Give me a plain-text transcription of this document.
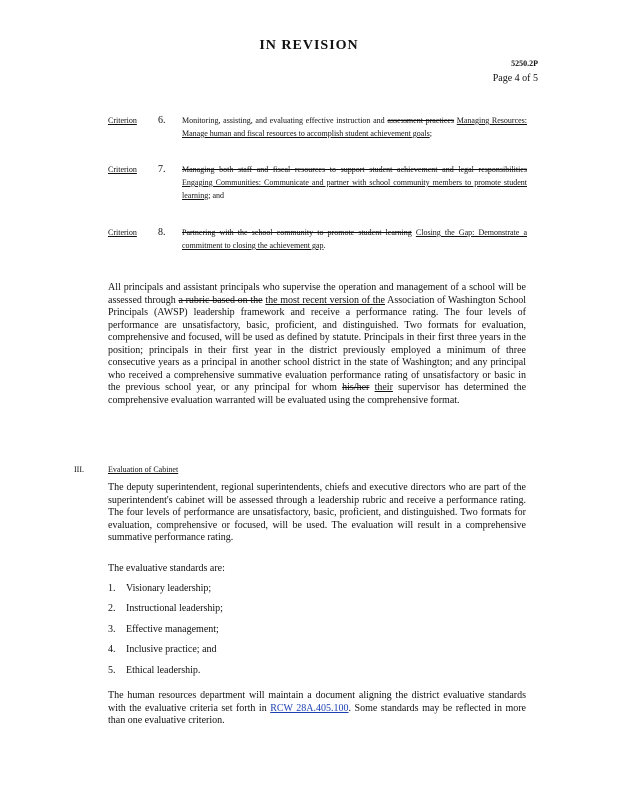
IN REVISION
5250.2P
Page 4 of 5
Criterion 6. Monitoring, assisting, and evaluating effective instruction and assessment practices Managing Resources: Manage human and fiscal resources to accomplish student achievement goals;
Criterion 7. Managing both staff and fiscal resources to support student achievement and legal responsibilities Engaging Communities: Communicate and partner with school community members to promote student learning; and
Criterion 8. Partnering with the school community to promote student learning Closing the Gap: Demonstrate a commitment to closing the achievement gap.
All principals and assistant principals who supervise the operation and management of a school will be assessed through a rubric based on the the most recent version of the Association of Washington School Principals (AWSP) leadership framework and receive a performance rating. The four levels of performance are unsatisfactory, basic, proficient, and distinguished. Two formats for evaluation, comprehensive and focused, will be used as defined by statute. Principals in their first three years in the position; principals in their first year in the district previously employed a minimum of three consecutive years as a principal in another school district in the state of Washington; and any principal who received a comprehensive summative evaluation performance rating of unsatisfactory or basic in the previous school year, or any principal for whom his/her their supervisor has determined the comprehensive evaluation warranted will be evaluated using the comprehensive format.
III.	Evaluation of Cabinet
The deputy superintendent, regional superintendents, chiefs and executive directors who are part of the superintendent's cabinet will be assessed through a leadership rubric and receive a performance rating. The four levels of performance are unsatisfactory, basic, proficient, and distinguished. Two formats for evaluation, comprehensive or focused, will be used. The evaluation will result in a comprehensive summative performance rating.
The evaluative standards are:
1. Visionary leadership;
2. Instructional leadership;
3. Effective management;
4. Inclusive practice; and
5. Ethical leadership.
The human resources department will maintain a document aligning the district evaluative standards with the evaluative criteria set forth in RCW 28A.405.100. Some standards may be reflected in more than one evaluative criterion.
